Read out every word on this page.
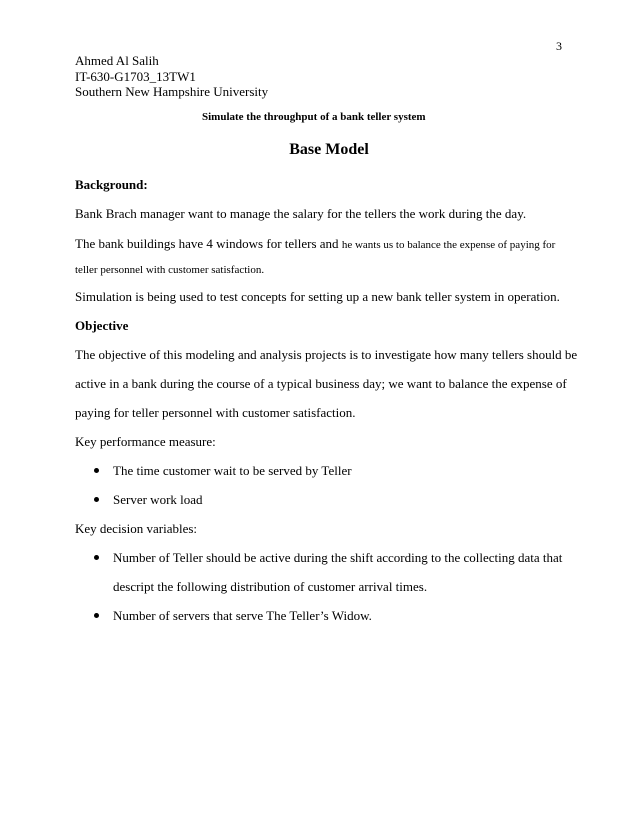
3
Ahmed Al Salih
IT-630-G1703_13TW1
Southern New Hampshire University
Simulate the throughput of a bank teller system
Base Model
Background:
Bank Brach manager want to manage the salary for the tellers the work during the day.
The bank buildings have 4 windows for tellers and he wants us to balance the expense of paying for
teller personnel with customer satisfaction.
Simulation is being used to test concepts for setting up a new bank teller system in operation.
Objective
The objective of this modeling and analysis projects is to investigate how many tellers should be
active in a bank during the course of a typical business day; we want to balance the expense of
paying for teller personnel with customer satisfaction.
Key performance measure:
The time customer wait to be served by Teller
Server work load
Key decision variables:
Number of Teller should be active during the shift according to the collecting data that
descript the following distribution of customer arrival times.
Number of servers that serve The Teller’s Widow.
